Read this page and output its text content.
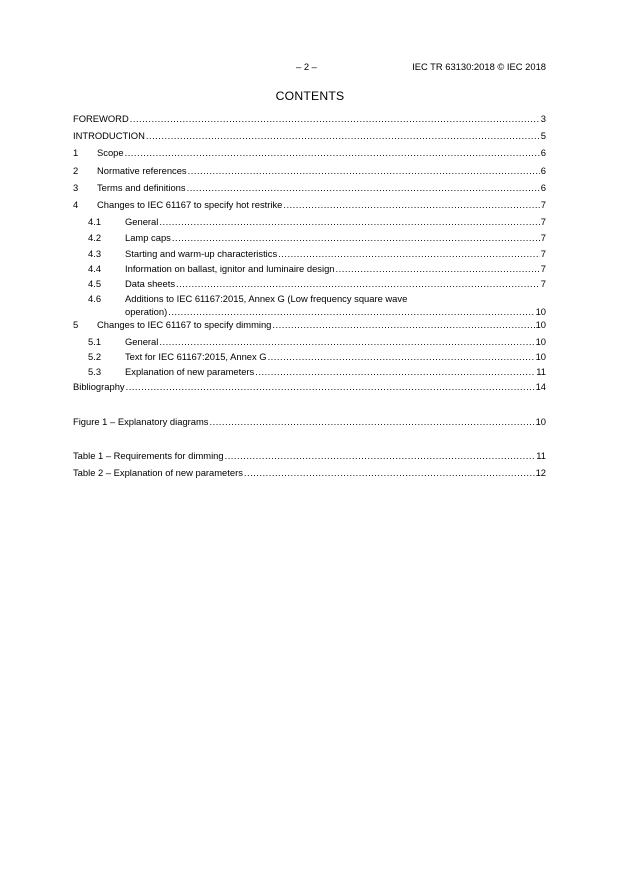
– 2 –	IEC TR 63130:2018 © IEC 2018
CONTENTS
FOREWORD .....	3
INTRODUCTION .....	5
1 Scope .....	6
2 Normative references .....	6
3 Terms and definitions .....	6
4 Changes to IEC 61167 to specify hot restrike .....	7
4.1	General .....	7
4.2	Lamp caps .....	7
4.3	Starting and warm-up characteristics .....	7
4.4	Information on ballast, ignitor and luminaire design .....	7
4.5	Data sheets .....	7
4.6	Additions to IEC 61167:2015, Annex G (Low frequency square wave
operation) .....	10
5 Changes to IEC 61167 to specify dimming .....	10
5.1	General .....	10
5.2	Text for IEC 61167:2015, Annex G .....	10
5.3	Explanation of new parameters .....	11
Bibliography .....	14
Figure 1 – Explanatory diagrams .....	10
Table 1 – Requirements for dimming .....	11
Table 2 – Explanation of new parameters .....	12
